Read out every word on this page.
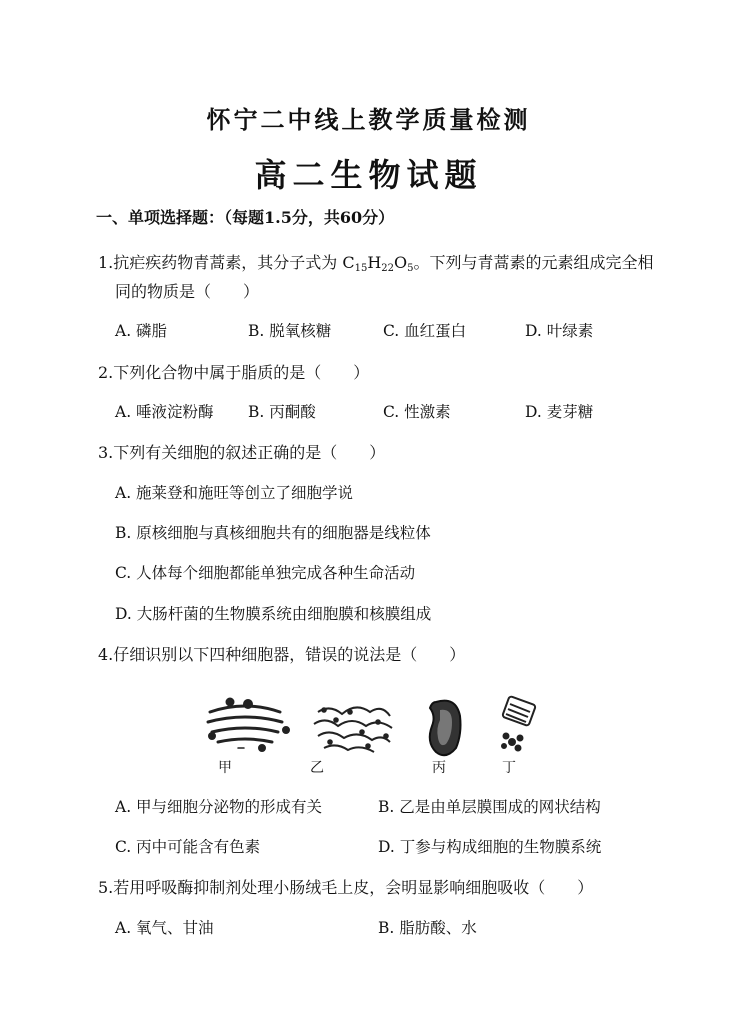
怀宁二中线上教学质量检测
高二生物试题
一、单项选择题：（每题1.5分，共60分）
1.抗疟疾药物青蒿素，其分子式为 $C_{15}H_{22}O_5$。下列与青蒿素的元素组成完全相
同的物质是（　　）
A. 磷脂	B. 脱氧核糖	C. 血红蛋白	D. 叶绿素
2.下列化合物中属于脂质的是（　　）
A. 唾液淀粉酶 B. 丙酮酸	C. 性激素	D. 麦芽糖
3.下列有关细胞的叙述正确的是（　　）
A. 施莱登和施旺等创立了细胞学说
B. 原核细胞与真核细胞共有的细胞器是线粒体
C. 人体每个细胞都能单独完成各种生命活动
D. 大肠杆菌的生物膜系统由细胞膜和核膜组成
4.仔细识别以下四种细胞器，错误的说法是（　　）
甲	乙	丙	丁
A. 甲与细胞分泌物的形成有关	B. 乙是由单层膜围成的网状结构
C. 丙中可能含有色素	D. 丁参与构成细胞的生物膜系统
5.若用呼吸酶抑制剂处理小肠绒毛上皮，会明显影响细胞吸收（　　）
A. 氧气、甘油	B. 脂肪酸、水
